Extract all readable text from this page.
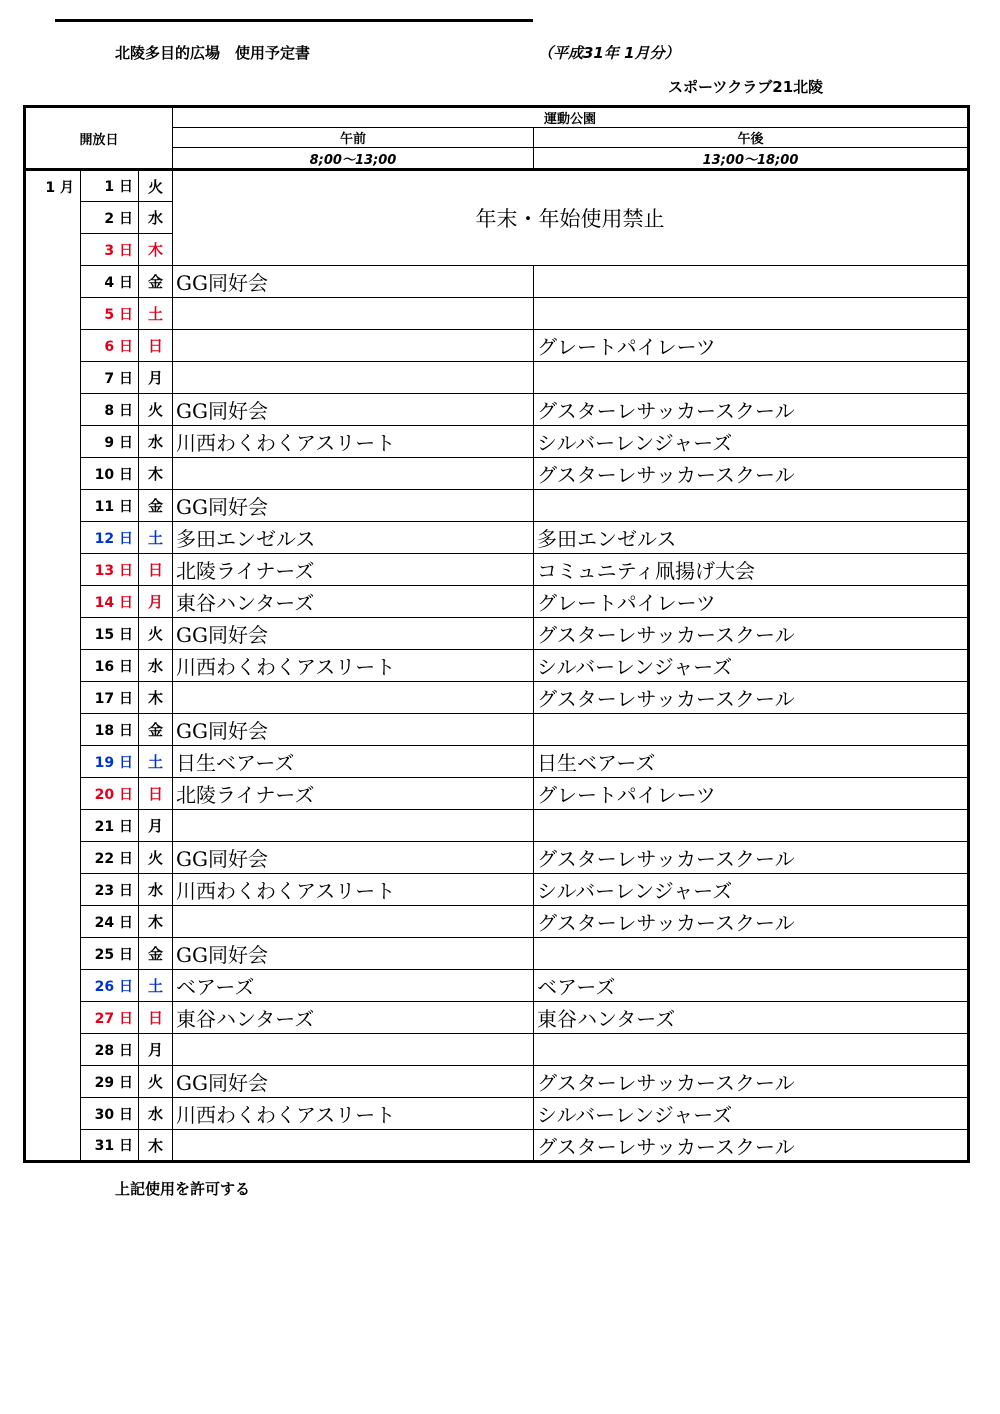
北陵多目的広場　使用予定書	（平成31年 1月分）
スポーツクラブ21北陵
開放日			運動公園	
			午前	午後
			8;00～13;00	13;00～18;00
1 月	1 日	火	年末・年始使用禁止	
	2 日	水		
	3 日	木		
	4 日	金	GG同好会	
	5 日	土		
	6 日	日		グレートパイレーツ
	7 日	月		
	8 日	火	GG同好会	グスターレサッカースクール
	9 日	水	川西わくわくアスリート	シルバーレンジャーズ
	10 日	木		グスターレサッカースクール
	11 日	金	GG同好会	
	12 日	土	多田エンゼルス	多田エンゼルス
	13 日	日	北陵ライナーズ	コミュニティ凧揚げ大会
	14 日	月	東谷ハンターズ	グレートパイレーツ
	15 日	火	GG同好会	グスターレサッカースクール
	16 日	水	川西わくわくアスリート	シルバーレンジャーズ
	17 日	木		グスターレサッカースクール
	18 日	金	GG同好会	
	19 日	土	日生ベアーズ	日生ベアーズ
	20 日	日	北陵ライナーズ	グレートパイレーツ
	21 日	月		
	22 日	火	GG同好会	グスターレサッカースクール
	23 日	水	川西わくわくアスリート	シルバーレンジャーズ
	24 日	木		グスターレサッカースクール
	25 日	金	GG同好会	
	26 日	土	ベアーズ	ベアーズ
	27 日	日	東谷ハンターズ	東谷ハンターズ
	28 日	月		
	29 日	火	GG同好会	グスターレサッカースクール
	30 日	水	川西わくわくアスリート	シルバーレンジャーズ
	31 日	木		グスターレサッカースクール
上記使用を許可する
